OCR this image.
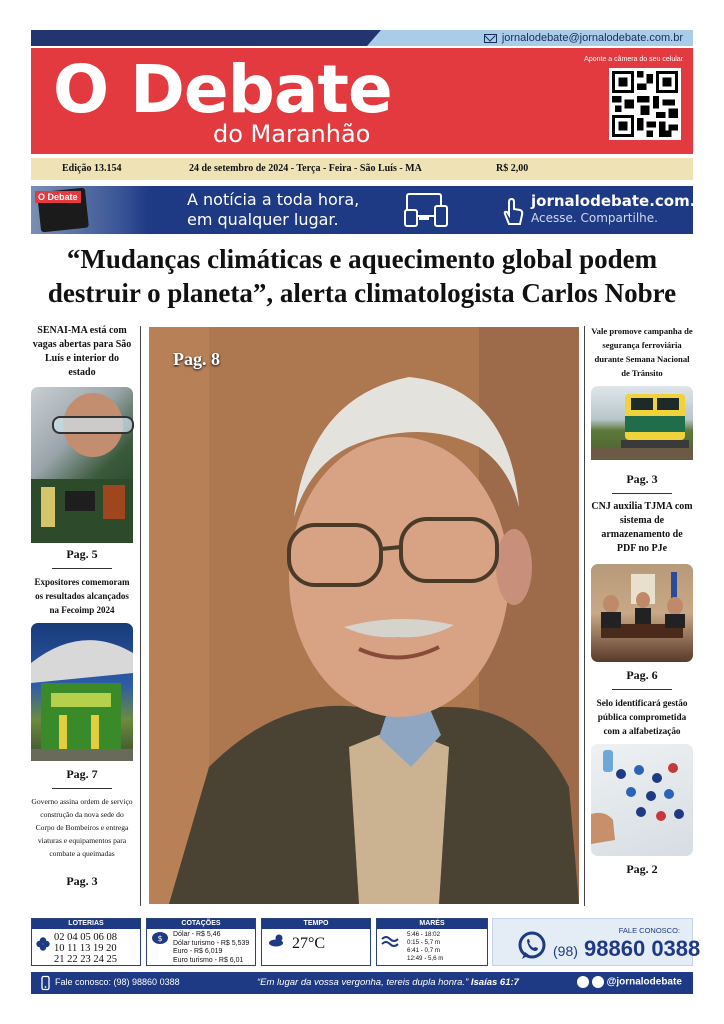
jornalodebate@jornalodebate.com.br
O Debate
do Maranhão
Aponte a câmera do seu celular
Edição 13.154	24 de setembro de 2024 - Terça - Feira - São Luís - MA	R$ 2,00
O Debate	A notícia a toda hora,
em qualquer lugar.
jornalodebate.com.br
Acesse. Compartilhe.
“Mudanças climáticas e aquecimento global podem destruir o planeta”, alerta climatologista Carlos Nobre
SENAI-MA está com vagas abertas para São Luís e interior do estado
Pag. 5
Expositores comemoram os resultados alcançados na Fecoimp 2024
Pag. 7
Governo assina ordem de serviço construção da nova sede do Corpo de Bombeiros e entrega viaturas e equipamentos para combate a queimadas
Pag. 3
Pag. 8
Vale promove campanha de segurança ferroviária durante Semana Nacional de Trânsito
Pag. 3
CNJ auxilia TJMA com sistema de armazenamento de PDF no PJe
Pag. 6
Selo identificará gestão pública comprometida com a alfabetização
Pag. 2
LOTERIAS
02 04 05 06 08
10 11 13 19 20
21 22 23 24 25
COTAÇÕES
$ Dólar - R$ 5,46
Dólar turismo - R$ 5,539
Euro - R$ 6,019
Euro turismo - R$ 6,01
TEMPO
27°C
MARÉS
5:46 - 18:02
0:15 - 5,7 m
6:41 - 0,7 m
12:49 - 5,6 m
FALE CONOSCO:
(98) 98860 0388
Fale conosco: (98) 98860 0388	“Em lugar da vossa vergonha, tereis dupla honra.” Isaías 61:7	@jornalodebate
